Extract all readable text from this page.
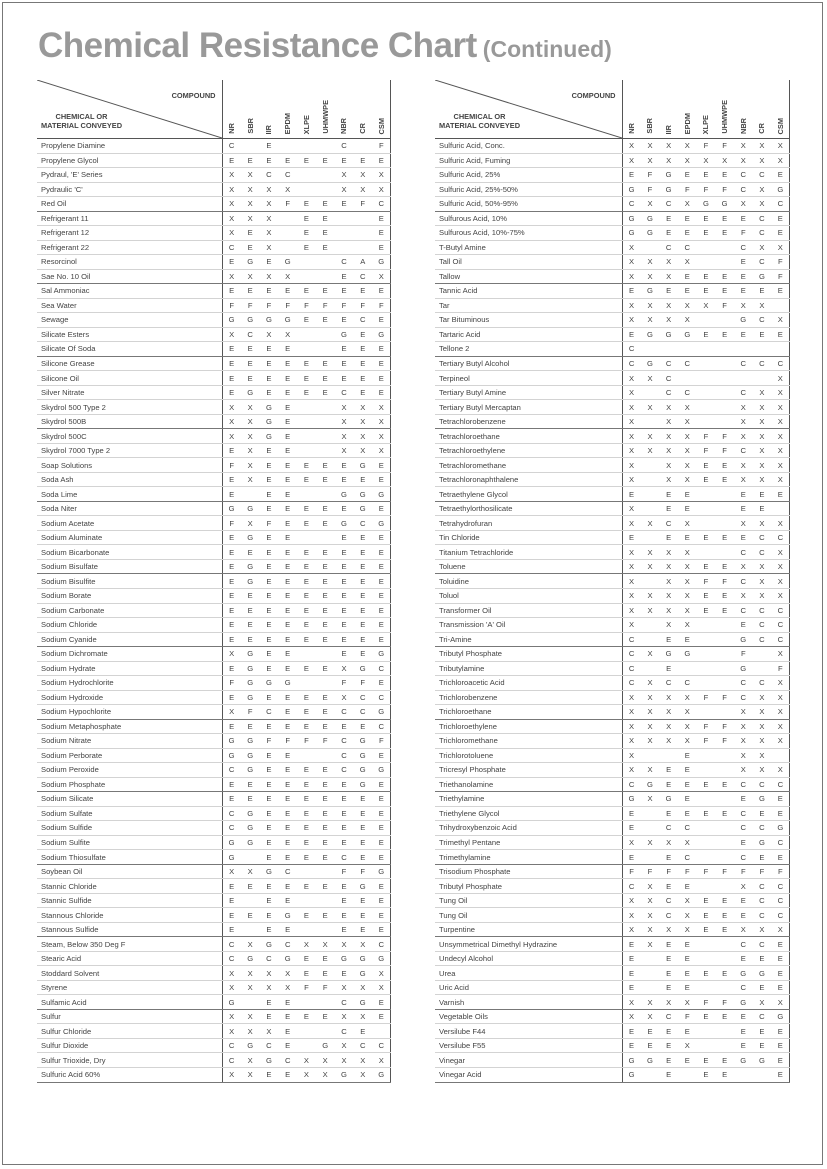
Chemical Resistance Chart (Continued)
COMPOUND
CHEMICAL OR
MATERIAL CONVEYED	NR	SBR	IIR	EPDM	XLPE	UHMWPE	NBR	CR	CSM

Propylene Diamine	C		E				C		F
Propylene Glycol	E	E	E	E	E	E	E	E	E
Pydraul, 'E' Series	X	X	C	C			X	X	X
Pydraulic 'C'	X	X	X	X			X	X	X
Red Oil	X	X	X	F	E	E	E	F	C
Refrigerant 11	X	X	X		E	E			E
Refrigerant 12	X	E	X		E	E			E
Refrigerant 22	C	E	X		E	E			E
Resorcinol	E	G	E	G			C	A	G
Sae No. 10 Oil	X	X	X	X			E	C	X
Sal Ammoniac	E	E	E	E	E	E	E	E	E
Sea Water	F	F	F	F	F	F	F	F	F
Sewage	G	G	G	G	E	E	E	C	E
Silicate Esters	X	C	X	X			G	E	G
Silicate Of Soda	E	E	E	E			E	E	E
Silicone Grease	E	E	E	E	E	E	E	E	E
Silicone Oil	E	E	E	E	E	E	E	E	E
Silver Nitrate	E	G	E	E	E	E	C	E	E
Skydrol 500 Type 2	X	X	G	E			X	X	X
Skydrol 500B	X	X	G	E			X	X	X
Skydrol 500C	X	X	G	E			X	X	X
Skydrol 7000 Type 2	E	X	E	E			X	X	X
Soap Solutions	F	X	E	E	E	E	E	G	E
Soda Ash	E	X	E	E	E	E	E	E	E
Soda Lime	E		E	E			G	G	G
Soda Niter	G	G	E	E	E	E	E	G	E
Sodium Acetate	F	X	F	E	E	E	G	C	G
Sodium Aluminate	E	G	E	E			E	E	E
Sodium Bicarbonate	E	E	E	E	E	E	E	E	E
Sodium Bisulfate	E	G	E	E	E	E	E	E	E
Sodium Bisulfite	E	G	E	E	E	E	E	E	E
Sodium Borate	E	E	E	E	E	E	E	E	E
Sodium Carbonate	E	E	E	E	E	E	E	E	E
Sodium Chloride	E	E	E	E	E	E	E	E	E
Sodium Cyanide	E	E	E	E	E	E	E	E	E
Sodium Dichromate	X	G	E	E			E	E	G
Sodium Hydrate	E	G	E	E	E	E	X	G	C
Sodium Hydrochlorite	F	G	G	G			F	F	E
Sodium Hydroxide	E	G	E	E	E	E	X	C	C
Sodium Hypochlorite	X	F	C	E	E	E	C	C	G
Sodium Metaphosphate	E	E	E	E	E	E	E	E	C
Sodium Nitrate	G	G	F	F	F	F	C	G	F
Sodium Perborate	G	G	E	E			C	G	E
Sodium Peroxide	C	G	E	E	E	E	C	G	G
Sodium Phosphate	E	E	E	E	E	E	E	G	E
Sodium Silicate	E	E	E	E	E	E	E	E	E
Sodium Sulfate	C	G	E	E	E	E	E	E	E
Sodium Sulfide	C	G	E	E	E	E	E	E	E
Sodium Sulfite	G	G	E	E	E	E	E	E	E
Sodium Thiosulfate	G		E	E	E	E	C	E	E
Soybean Oil	X	X	G	C			F	F	G
Stannic Chloride	E	E	E	E	E	E	E	G	E
Stannic Sulfide	E		E	E			E	E	E
Stannous Chloride	E	E	E	G	E	E	E	E	E
Stannous Sulfide	E		E	E			E	E	E
Steam, Below 350 Deg F	C	X	G	C	X	X	X	X	C
Stearic Acid	C	G	C	G	E	E	G	G	G
Stoddard Solvent	X	X	X	X	E	E	E	G	X
Styrene	X	X	X	X	F	F	X	X	X
Sulfamic Acid	G		E	E			C	G	E
Sulfur	X	X	E	E	E	E	X	X	E
Sulfur Chloride	X	X	X	E			C	E	
Sulfur Dioxide	C	G	C	E		G	X	C	C
Sulfur Trioxide, Dry	C	X	G	C	X	X	X	X	X
Sulfuric Acid 60%	X	X	E	E	X	X	G	X	G
COMPOUND
CHEMICAL OR
MATERIAL CONVEYED	NR	SBR	IIR	EPDM	XLPE	UHMWPE	NBR	CR	CSM

Sulfuric Acid, Conc.	X	X	X	X	F	F	X	X	X
Sulfuric Acid, Fuming	X	X	X	X	X	X	X	X	X
Sulfuric Acid, 25%	E	F	G	E	E	E	C	C	E
Sulfuric Acid, 25%-50%	G	F	G	F	F	F	C	X	G
Sulfuric Acid, 50%-95%	C	X	C	X	G	G	X	X	C
Sulfurous Acid, 10%	G	G	E	E	E	E	E	C	E
Sulfurous Acid, 10%-75%	G	G	E	E	E	E	F	C	E
T-Butyl Amine	X		C	C			C	X	X
Tall Oil	X	X	X	X			E	C	F
Tallow	X	X	X	E	E	E	E	G	F
Tannic Acid	E	G	E	E	E	E	E	E	E
Tar	X	X	X	X	X	F	X	X	
Tar Bituminous	X	X	X	X			G	C	X
Tartaric Acid	E	G	G	G	E	E	E	E	E
Tellone 2	C								
Tertiary Butyl Alcohol	C	G	C	C			C	C	C
Terpineol	X	X	C						X
Tertiary Butyl Amine	X		C	C			C	X	X
Tertiary Butyl Mercaptan	X	X	X	X			X	X	X
Tetrachlorobenzene	X		X	X			X	X	X
Tetrachloroethane	X	X	X	X	F	F	X	X	X
Tetrachloroethylene	X	X	X	X	F	F	C	X	X
Tetrachloromethane	X		X	X	E	E	X	X	X
Tetrachloronaphthalene	X		X	X	E	E	X	X	X
Tetraethylene Glycol	E		E	E			E	E	E
Tetraethylorthosilicate	X		E	E			E	E	
Tetrahydrofuran	X	X	C	X			X	X	X
Tin Chloride	E		E	E	E	E	E	C	C
Titanium Tetrachloride	X	X	X	X			C	C	X
Toluene	X	X	X	X	E	E	X	X	X
Toluidine	X		X	X	F	F	C	X	X
Toluol	X	X	X	X	E	E	X	X	X
Transformer Oil	X	X	X	X	E	E	C	C	C
Transmission 'A' Oil	X		X	X			E	C	C
Tri-Amine	C		E	E			G	C	C
Tributyl Phosphate	C	X	G	G			F		X
Tributylamine	C		E				G		F
Trichloroacetic Acid	C	X	C	C			C	C	X
Trichlorobenzene	X	X	X	X	F	F	C	X	X
Trichloroethane	X	X	X	X			X	X	X
Trichloroethylene	X	X	X	X	F	F	X	X	X
Trichloromethane	X	X	X	X	F	F	X	X	X
Trichlorotoluene	X			E			X	X	
Tricresyl Phosphate	X	X	E	E			X	X	X
Triethanolamine	C	G	E	E	E	E	C	C	C
Triethylamine	G	X	G	E			E	G	E
Triethylene Glycol	E		E	E	E	E	C	E	E
Trihydroxybenzoic Acid	E		C	C			C	C	G
Trimethyl Pentane	X	X	X	X			E	G	C
Trimethylamine	E		E	C			C	E	E
Trisodium Phosphate	F	F	F	F	F	F	F	F	F
Tributyl Phosphate	C	X	E	E			X	C	C
Tung Oil	X	X	C	X	E	E	E	C	C
Tung Oil	X	X	C	X	E	E	E	C	C
Turpentine	X	X	X	X	E	E	X	X	X
Unsymmetrical Dimethyl Hydrazine	E	X	E	E			C	C	E
Undecyl Alcohol	E		E	E			E	E	E
Urea	E		E	E	E	E	G	G	E
Uric Acid	E		E	E			C	E	E
Varnish	X	X	X	X	F	F	G	X	X
Vegetable Oils	X	X	C	F	E	E	E	C	G
Versilube F44	E	E	E	E			E	E	E
Versilube F55	E	E	E	X			E	E	E
Vinegar	G	G	E	E	E	E	G	G	E
Vinegar Acid	G		E		E	E			E
